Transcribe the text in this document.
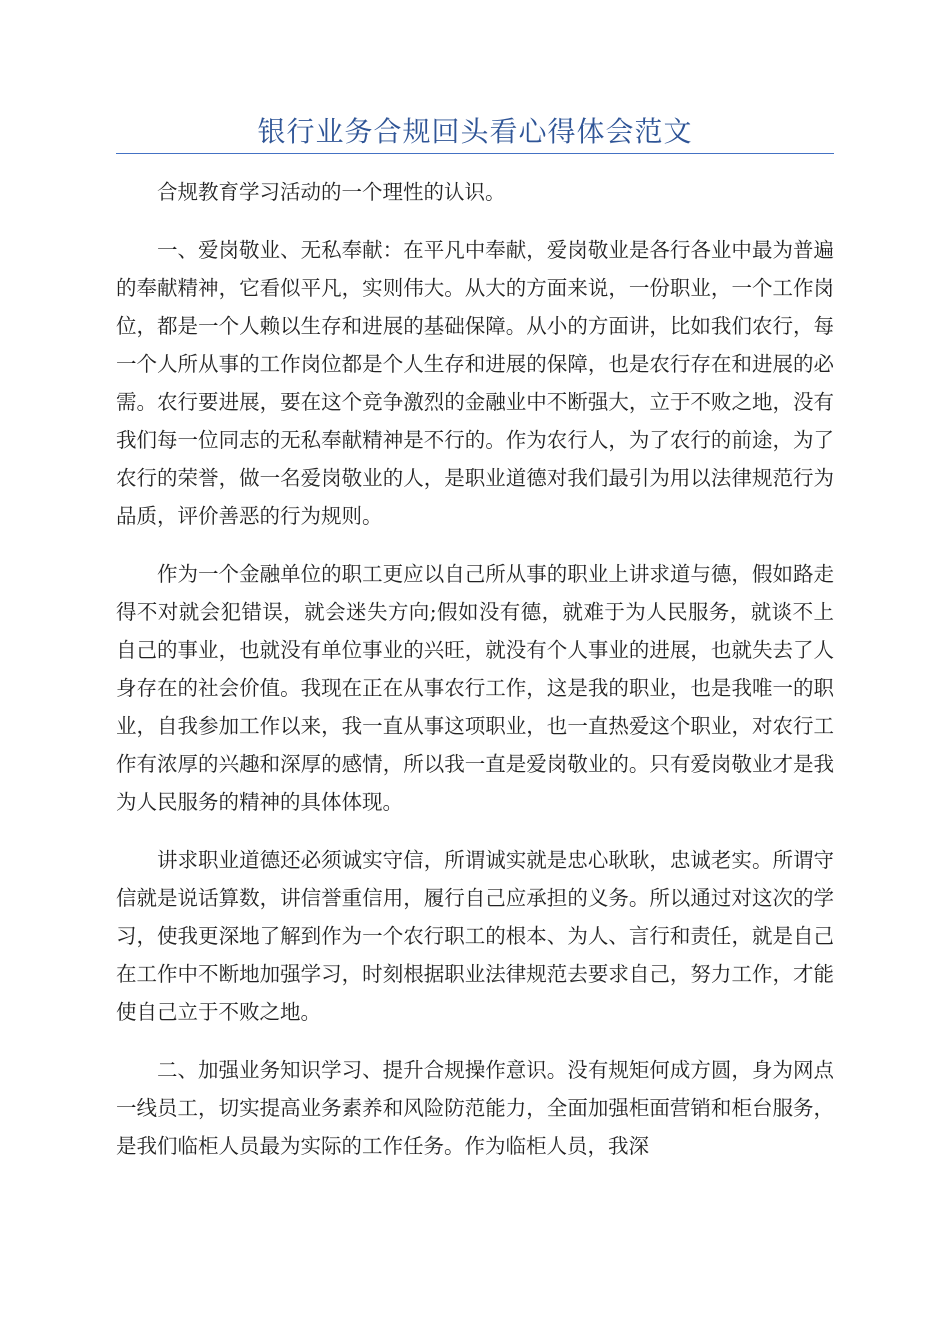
银行业务合规回头看心得体会范文

合规教育学习活动的一个理性的认识。

一、爱岗敬业、无私奉献：在平凡中奉献，爱岗敬业是各行各业中最为普遍的奉献精神，它看似平凡，实则伟大。从大的方面来说，一份职业，一个工作岗位，都是一个人赖以生存和进展的基础保障。从小的方面讲，比如我们农行，每一个人所从事的工作岗位都是个人生存和进展的保障，也是农行存在和进展的必需。农行要进展，要在这个竞争激烈的金融业中不断强大，立于不败之地，没有我们每一位同志的无私奉献精神是不行的。作为农行人，为了农行的前途，为了农行的荣誉，做一名爱岗敬业的人，是职业道德对我们最引为用以法律规范行为品质，评价善恶的行为规则。

作为一个金融单位的职工更应以自己所从事的职业上讲求道与德，假如路走得不对就会犯错误，就会迷失方向;假如没有德，就难于为人民服务，就谈不上自己的事业，也就没有单位事业的兴旺，就没有个人事业的进展，也就失去了人身存在的社会价值。我现在正在从事农行工作，这是我的职业，也是我唯一的职业，自我参加工作以来，我一直从事这项职业，也一直热爱这个职业，对农行工作有浓厚的兴趣和深厚的感情，所以我一直是爱岗敬业的。只有爱岗敬业才是我为人民服务的精神的具体体现。

讲求职业道德还必须诚实守信，所谓诚实就是忠心耿耿，忠诚老实。所谓守信就是说话算数，讲信誉重信用，履行自己应承担的义务。所以通过对这次的学习，使我更深地了解到作为一个农行职工的根本、为人、言行和责任，就是自己在工作中不断地加强学习，时刻根据职业法律规范去要求自己，努力工作，才能使自己立于不败之地。

二、加强业务知识学习、提升合规操作意识。没有规矩何成方圆，身为网点一线员工，切实提高业务素养和风险防范能力，全面加强柜面营销和柜台服务，是我们临柜人员最为实际的工作任务。作为临柜人员，我深
